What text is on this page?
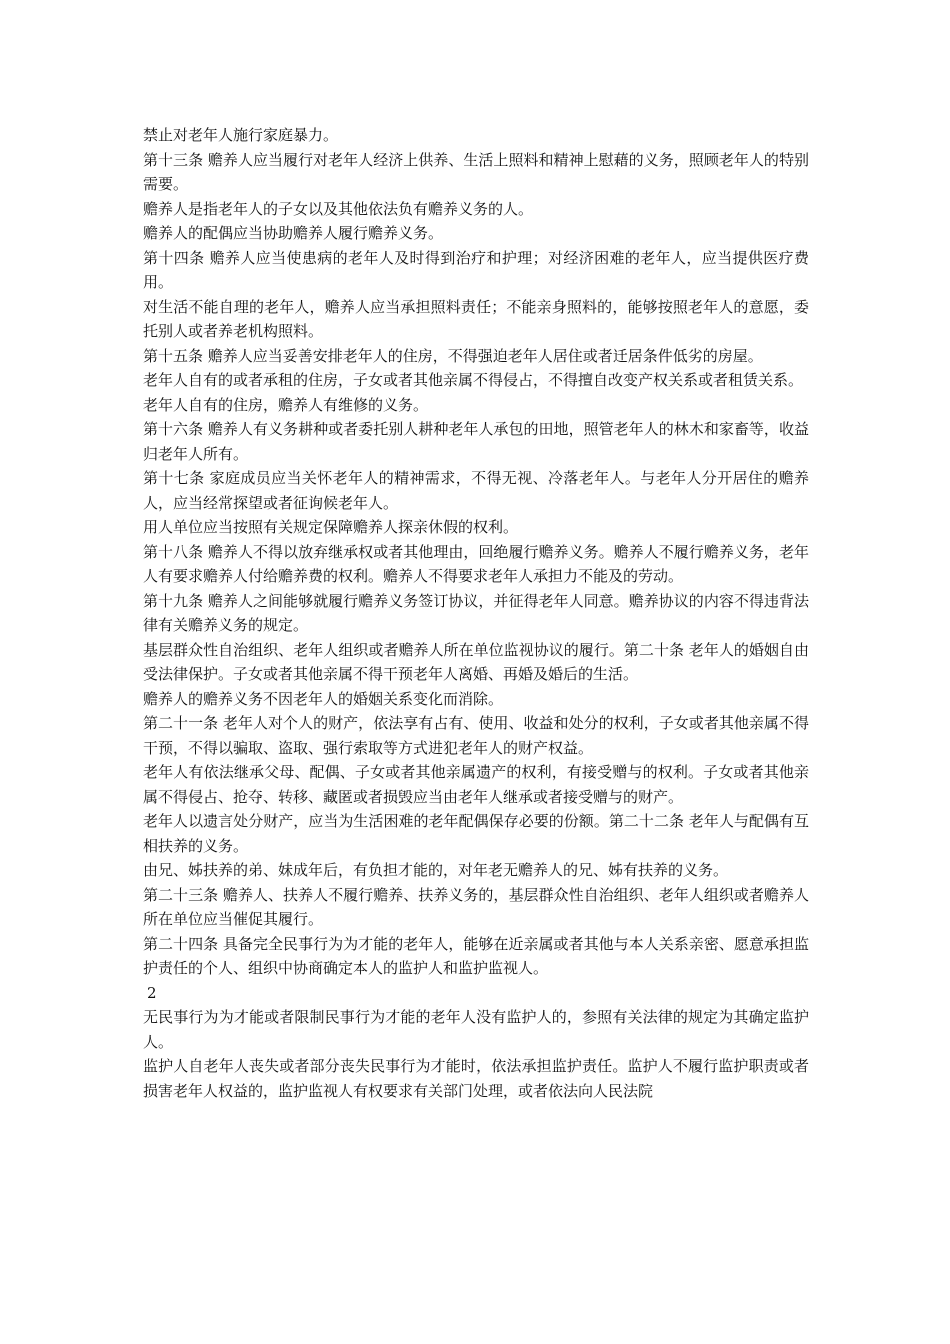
禁止对老年人施行家庭暴力。

第十三条 赡养人应当履行对老年人经济上供养、生活上照料和精神上慰藉的义务，照顾老年人的特别需要。

赡养人是指老年人的子女以及其他依法负有赡养义务的人。

赡养人的配偶应当协助赡养人履行赡养义务。

第十四条 赡养人应当使患病的老年人及时得到治疗和护理；对经济困难的老年人，应当提供医疗费用。

对生活不能自理的老年人，赡养人应当承担照料责任；不能亲身照料的，能够按照老年人的意愿，委托别人或者养老机构照料。

第十五条 赡养人应当妥善安排老年人的住房，不得强迫老年人居住或者迁居条件低劣的房屋。

老年人自有的或者承租的住房，子女或者其他亲属不得侵占，不得擅自改变产权关系或者租赁关系。

老年人自有的住房，赡养人有维修的义务。

第十六条 赡养人有义务耕种或者委托别人耕种老年人承包的田地，照管老年人的林木和家畜等，收益归老年人所有。

第十七条 家庭成员应当关怀老年人的精神需求，不得无视、冷落老年人。与老年人分开居住的赡养人，应当经常探望或者征询候老年人。

用人单位应当按照有关规定保障赡养人探亲休假的权利。

第十八条 赡养人不得以放弃继承权或者其他理由，回绝履行赡养义务。赡养人不履行赡养义务，老年人有要求赡养人付给赡养费的权利。赡养人不得要求老年人承担力不能及的劳动。

第十九条 赡养人之间能够就履行赡养义务签订协议，并征得老年人同意。赡养协议的内容不得违背法律有关赡养义务的规定。

基层群众性自治组织、老年人组织或者赡养人所在单位监视协议的履行。第二十条 老年人的婚姻自由受法律保护。子女或者其他亲属不得干预老年人离婚、再婚及婚后的生活。

赡养人的赡养义务不因老年人的婚姻关系变化而消除。

第二十一条 老年人对个人的财产，依法享有占有、使用、收益和处分的权利，子女或者其他亲属不得干预，不得以骗取、盗取、强行索取等方式进犯老年人的财产权益。

老年人有依法继承父母、配偶、子女或者其他亲属遗产的权利，有接受赠与的权利。子女或者其他亲属不得侵占、抢夺、转移、藏匿或者损毁应当由老年人继承或者接受赠与的财产。

老年人以遗言处分财产，应当为生活困难的老年配偶保存必要的份额。第二十二条 老年人与配偶有互相扶养的义务。

由兄、姊扶养的弟、妹成年后，有负担才能的，对年老无赡养人的兄、姊有扶养的义务。

第二十三条 赡养人、扶养人不履行赡养、扶养义务的，基层群众性自治组织、老年人组织或者赡养人所在单位应当催促其履行。

第二十四条 具备完全民事行为为才能的老年人，能够在近亲属或者其他与本人关系亲密、愿意承担监护责任的个人、组织中协商确定本人的监护人和监护监视人。

2

无民事行为为才能或者限制民事行为才能的老年人没有监护人的，参照有关法律的规定为其确定监护人。

监护人自老年人丧失或者部分丧失民事行为才能时，依法承担监护责任。监护人不履行监护职责或者损害老年人权益的，监护监视人有权要求有关部门处理，或者依法向人民法院
